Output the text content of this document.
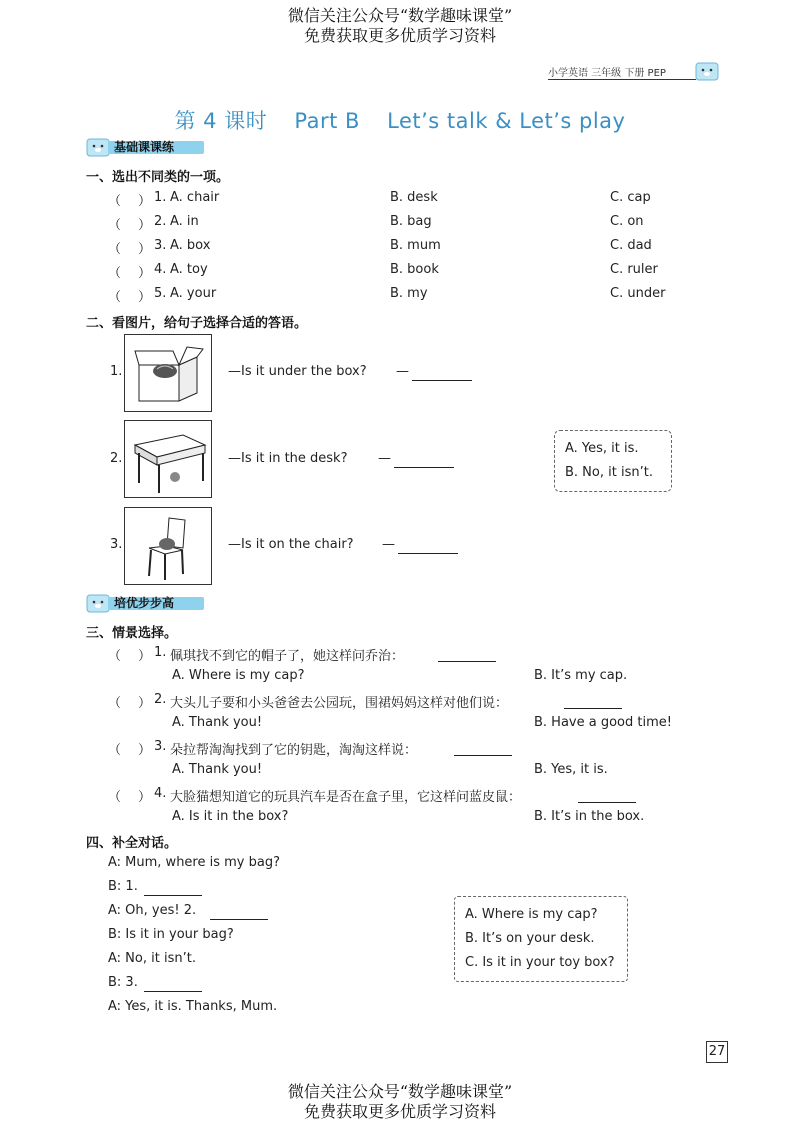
微信关注公众号“数学趣味课堂”
免费获取更多优质学习资料
小学英语 三年级 下册 PEP
第 4 课时 Part B Let’s talk & Let’s play
基础课课练
一、选出不同类的一项。
（ ） 1. A. chair	B. desk	C. cap
（ ） 2. A. in	B. bag	C. on
（ ） 3. A. box	B. mum	C. dad
（ ） 4. A. toy	B. book	C. ruler
（ ） 5. A. your	B. my	C. under
二、看图片，给句子选择合适的答语。
1.	—Is it under the box? —
2.	—Is it in the desk? —
3.	—Is it on the chair? —
A. Yes, it is.
B. No, it isn’t.
培优步步高
三、情景选择。
（ ） 1. 佩琪找不到它的帽子了，她这样问乔治：
A. Where is my cap?	B. It’s my cap.
（ ） 2. 大头儿子要和小头爸爸去公园玩，围裙妈妈这样对他们说：
A. Thank you!	B. Have a good time!
（ ） 3. 朵拉帮淘淘找到了它的钥匙，淘淘这样说：
A. Thank you!	B. Yes, it is.
（ ） 4. 大脸猫想知道它的玩具汽车是否在盒子里，它这样问蓝皮鼠：
A. Is it in the box?	B. It’s in the box.
四、补全对话。
A: Mum, where is my bag?
B: 1.
A: Oh, yes! 2.
B: Is it in your bag?
A: No, it isn’t.
B: 3.
A: Yes, it is. Thanks, Mum.
A. Where is my cap?
B. It’s on your desk.
C. Is it in your toy box?
27
微信关注公众号“数学趣味课堂”
免费获取更多优质学习资料
